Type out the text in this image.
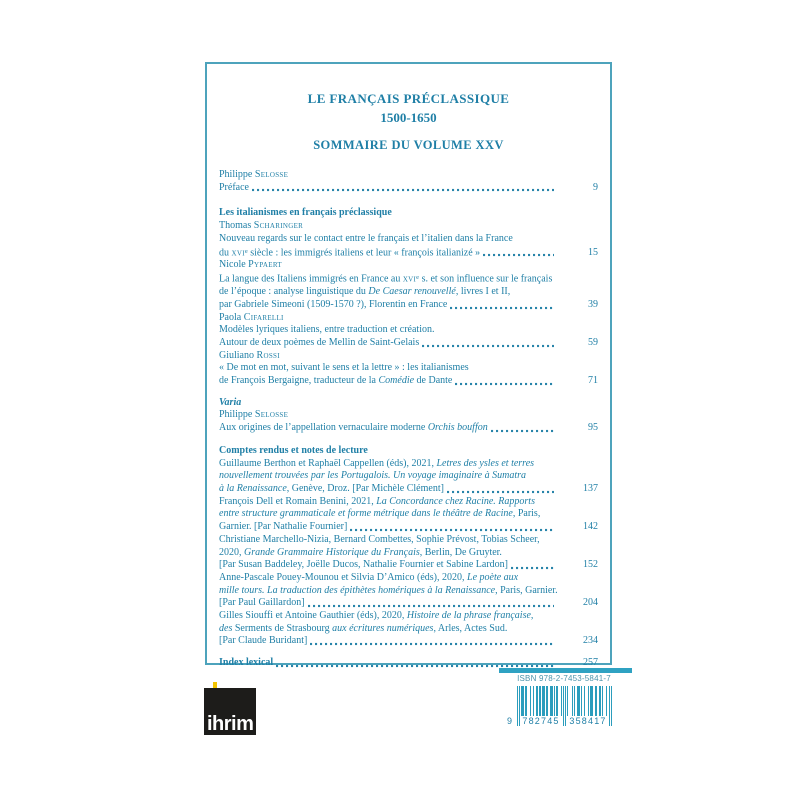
LE FRANÇAIS PRÉCLASSIQUE
1500-1650
SOMMAIRE DU VOLUME XXV
Philippe Selosse
Préface	9
Les italianismes en français préclassique
Thomas Scharinger
Nouveau regards sur le contact entre le français et l’italien dans la France
du xvi$^e$ siècle : les immigrés italiens et leur « françois italianizé »	15
Nicole Pypaert
La langue des Italiens immigrés en France au xvi$^e$ s. et son influence sur le français
de l’époque : analyse linguistique du De Caesar renouvellé, livres I et II,
par Gabriele Simeoni (1509-1570 ?), Florentin en France	39
Paola Cifarelli
Modèles lyriques italiens, entre traduction et création.
Autour de deux poèmes de Mellin de Saint-Gelais	59
Giuliano Rossi
« De mot en mot, suivant le sens et la lettre » : les italianismes
de François Bergaigne, traducteur de la Comédie de Dante	71
Varia
Philippe Selosse
Aux origines de l’appellation vernaculaire moderne Orchis bouffon	95
Comptes rendus et notes de lecture
Guillaume Berthon et Raphaël Cappellen (éds), 2021, Letres des ysles et terres
nouvellement trouvées par les Portugalois. Un voyage imaginaire à Sumatra
à la Renaissance, Genève, Droz. [Par Michèle Clément]	137
François Dell et Romain Benini, 2021, La Concordance chez Racine. Rapports
entre structure grammaticale et forme métrique dans le théâtre de Racine, Paris,
Garnier. [Par Nathalie Fournier]	142
Christiane Marchello-Nizia, Bernard Combettes, Sophie Prévost, Tobias Scheer,
2020, Grande Grammaire Historique du Français, Berlin, De Gruyter.
[Par Susan Baddeley, Joëlle Ducos, Nathalie Fournier et Sabine Lardon]	152
Anne-Pascale Pouey-Mounou et Silvia D’Amico (éds), 2020, Le poète aux
mille tours. La traduction des épithètes homériques à la Renaissance, Paris, Garnier.
[Par Paul Gaillardon]	204
Gilles Siouffi et Antoine Gauthier (éds), 2020, Histoire de la phrase française,
des Serments de Strasbourg aux écritures numériques, Arles, Actes Sud.
[Par Claude Buridant]	234
Index lexical	257
ihrim
ISBN 978-2-7453-5841-7
9	782745 358417
